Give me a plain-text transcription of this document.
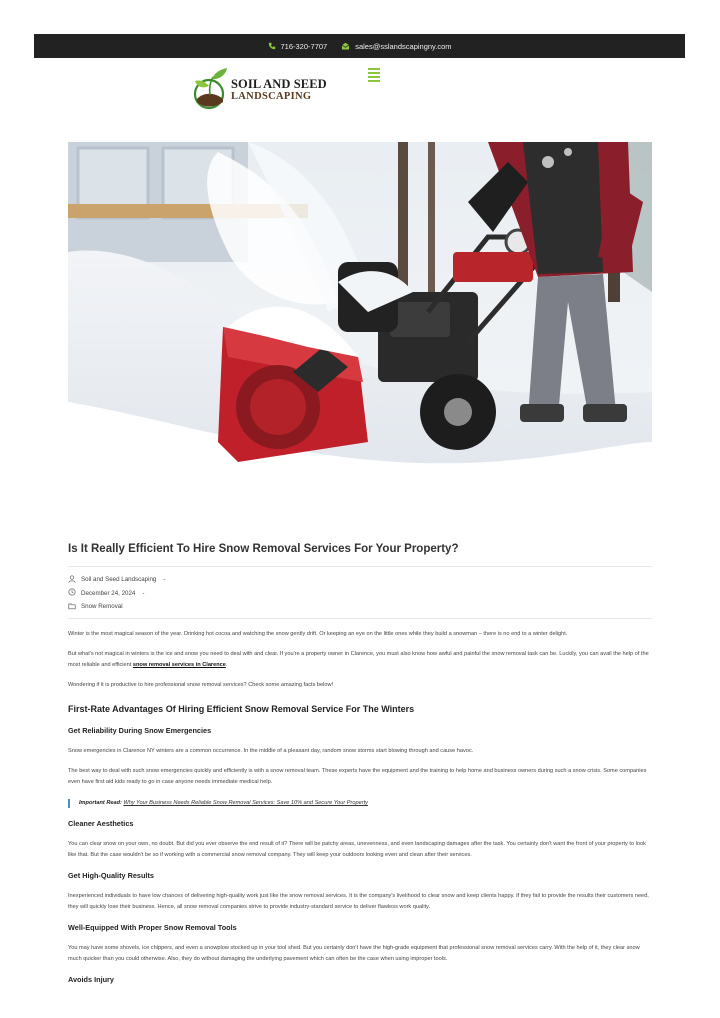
716-320-7707	sales@sslandscapingny.com
SOIL AND SEED
LANDSCAPING
Is It Really Efficient To Hire Snow Removal Services For Your Property?
Soil and Seed Landscaping -
December 24, 2024 -
Snow Removal

Winter is the most magical season of the year. Drinking hot cocoa and watching the snow gently drift. Or keeping an eye on the little ones while they build a snowman – there is no end to a winter delight.

But what's not magical in winters is the ice and snow you need to deal with and clear. If you're a property owner in Clarence, you must also know how awful and painful the snow removal task can be. Luckily, you can avail the help of the most reliable and efficient snow removal services in Clarence.

Wondering if it is productive to hire professional snow removal services? Check some amazing facts below!

First-Rate Advantages Of Hiring Efficient Snow Removal Service For The Winters
Get Reliability During Snow Emergencies

Snow emergencies in Clarence NY winters are a common occurrence. In the middle of a pleasant day, random snow storms start blowing through and cause havoc.

The best way to deal with such snow emergencies quickly and efficiently is with a snow removal team. These experts have the equipment and the training to help home and business owners during such a snow crisis. Some companies even have first aid kids ready to go in case anyone needs immediate medical help.

Important Read: Why Your Business Needs Reliable Snow Removal Services: Save 10% and Secure Your Property
Cleaner Aesthetics

You can clear snow on your own, no doubt. But did you ever observe the end result of it? There will be patchy areas, unevenness, and even landscaping damages after the task. You certainly don't want the front of your property to look like that. But the case wouldn't be so if working with a commercial snow removal company. They will keep your outdoors looking even and clean after their services.

Get High-Quality Results

Inexperienced individuals to have low chances of delivering high-quality work just like the snow removal services. It is the company's livelihood to clear snow and keep clients happy. If they fail to provide the results their customers need, they will quickly lose their business. Hence, all snow removal companies strive to provide industry-standard service to deliver flawless work quality.

Well-Equipped With Proper Snow Removal Tools

You may have some shovels, ice chippers, and even a snowplow stocked up in your tool shed. But you certainly don't have the high-grade equipment that professional snow removal services carry. With the help of it, they clear snow much quicker than you could otherwise. Also, they do without damaging the underlying pavement which can often be the case when using improper tools.

Avoids Injury
